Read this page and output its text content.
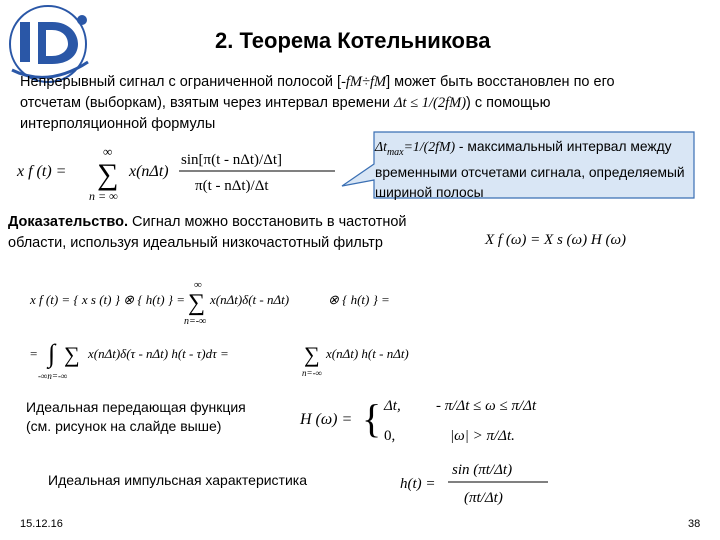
2. Теорема Котельникова
Непрерывный сигнал с ограниченной полосой [-fM÷fM] может быть восстановлен по его отсчетам (выборкам), взятым через интервал времени Δt ≤ 1/(2fM)) с помощью интерполяционной формулы
x f (t) =
∞
∑
n = ∞
x(nΔt)
sin[π(t - nΔt)/Δt]
π(t - nΔt)/Δt
$\Delta t_{max}=1/(2fM)$ - максимальный интервал между временными отсчетами сигнала, определяемый шириной полосы
Доказательство. Сигнал можно восстановить в частотной области, используя идеальный низкочастотный фильтр	X f (ω) = X s (ω) H (ω)
x f (t) = { x s (t) } ⊗ { h(t) } =
∞
∑
n=-∞
x(nΔt)δ(t - nΔt)	⊗ { h(t) } =
= ∫ ∑
-∞n=-∞
x(nΔt)δ(τ - nΔt) h(t - τ)dτ =	∑
n=-∞
x(nΔt) h(t - nΔt)
Идеальная передающая функция
(см. рисунок на слайде выше)	H (ω) = { Δt, - π/Δt ≤ ω ≤ π/Δt
0,	|ω| > π/Δt.
Идеальная импульсная характеристика	h(t) =
sin (πt/Δt)
(πt/Δt)
15.12.16	38
